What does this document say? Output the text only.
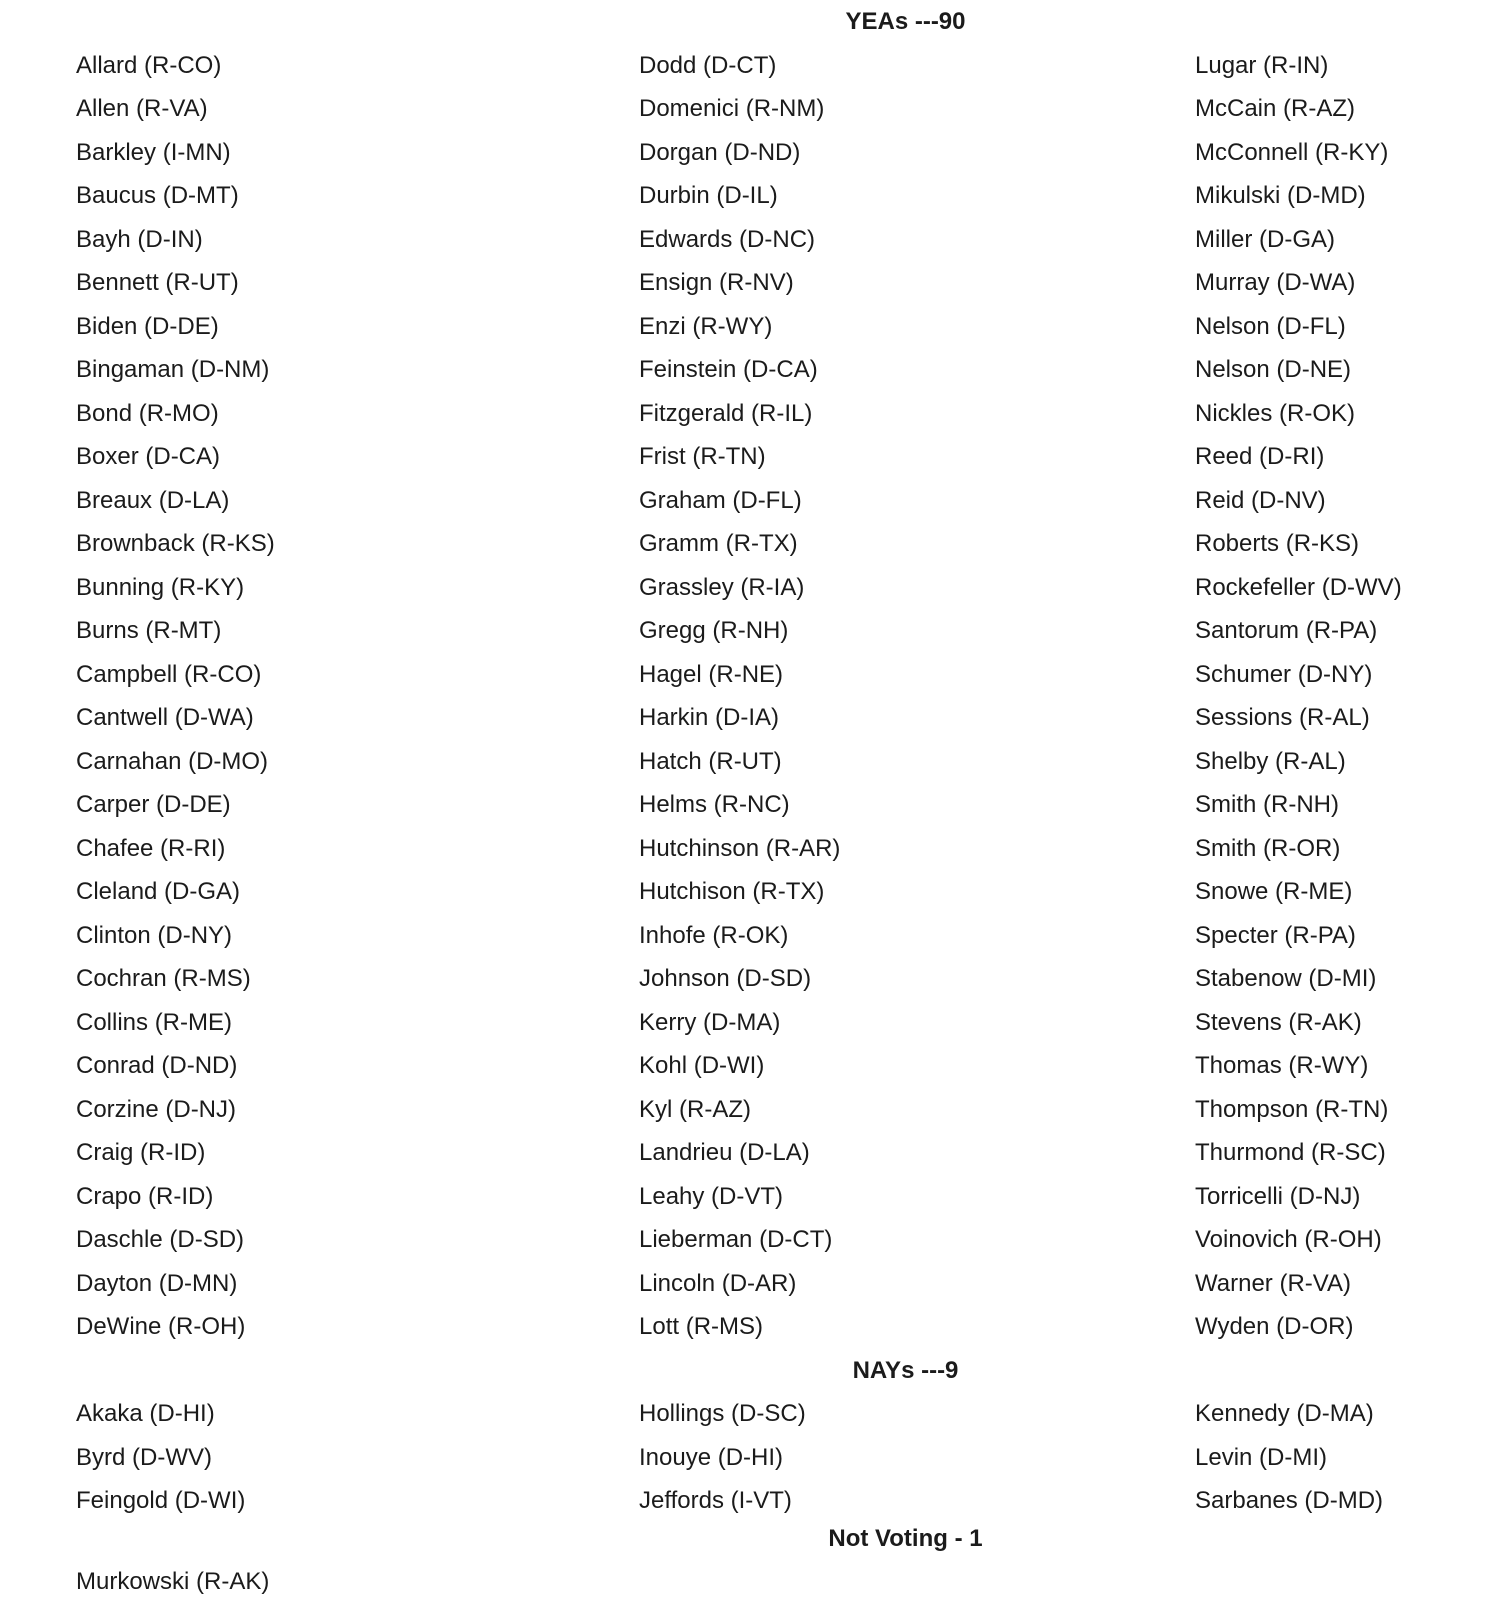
YEAs ---90
Allard (R-CO)
Allen (R-VA)
Barkley (I-MN)
Baucus (D-MT)
Bayh (D-IN)
Bennett (R-UT)
Biden (D-DE)
Bingaman (D-NM)
Bond (R-MO)
Boxer (D-CA)
Breaux (D-LA)
Brownback (R-KS)
Bunning (R-KY)
Burns (R-MT)
Campbell (R-CO)
Cantwell (D-WA)
Carnahan (D-MO)
Carper (D-DE)
Chafee (R-RI)
Cleland (D-GA)
Clinton (D-NY)
Cochran (R-MS)
Collins (R-ME)
Conrad (D-ND)
Corzine (D-NJ)
Craig (R-ID)
Crapo (R-ID)
Daschle (D-SD)
Dayton (D-MN)
DeWine (R-OH)
Dodd (D-CT)
Domenici (R-NM)
Dorgan (D-ND)
Durbin (D-IL)
Edwards (D-NC)
Ensign (R-NV)
Enzi (R-WY)
Feinstein (D-CA)
Fitzgerald (R-IL)
Frist (R-TN)
Graham (D-FL)
Gramm (R-TX)
Grassley (R-IA)
Gregg (R-NH)
Hagel (R-NE)
Harkin (D-IA)
Hatch (R-UT)
Helms (R-NC)
Hutchinson (R-AR)
Hutchison (R-TX)
Inhofe (R-OK)
Johnson (D-SD)
Kerry (D-MA)
Kohl (D-WI)
Kyl (R-AZ)
Landrieu (D-LA)
Leahy (D-VT)
Lieberman (D-CT)
Lincoln (D-AR)
Lott (R-MS)
Lugar (R-IN)
McCain (R-AZ)
McConnell (R-KY)
Mikulski (D-MD)
Miller (D-GA)
Murray (D-WA)
Nelson (D-FL)
Nelson (D-NE)
Nickles (R-OK)
Reed (D-RI)
Reid (D-NV)
Roberts (R-KS)
Rockefeller (D-WV)
Santorum (R-PA)
Schumer (D-NY)
Sessions (R-AL)
Shelby (R-AL)
Smith (R-NH)
Smith (R-OR)
Snowe (R-ME)
Specter (R-PA)
Stabenow (D-MI)
Stevens (R-AK)
Thomas (R-WY)
Thompson (R-TN)
Thurmond (R-SC)
Torricelli (D-NJ)
Voinovich (R-OH)
Warner (R-VA)
Wyden (D-OR)
NAYs ---9
Akaka (D-HI)
Byrd (D-WV)
Feingold (D-WI)
Hollings (D-SC)
Inouye (D-HI)
Jeffords (I-VT)
Kennedy (D-MA)
Levin (D-MI)
Sarbanes (D-MD)
Not Voting - 1
Murkowski (R-AK)
